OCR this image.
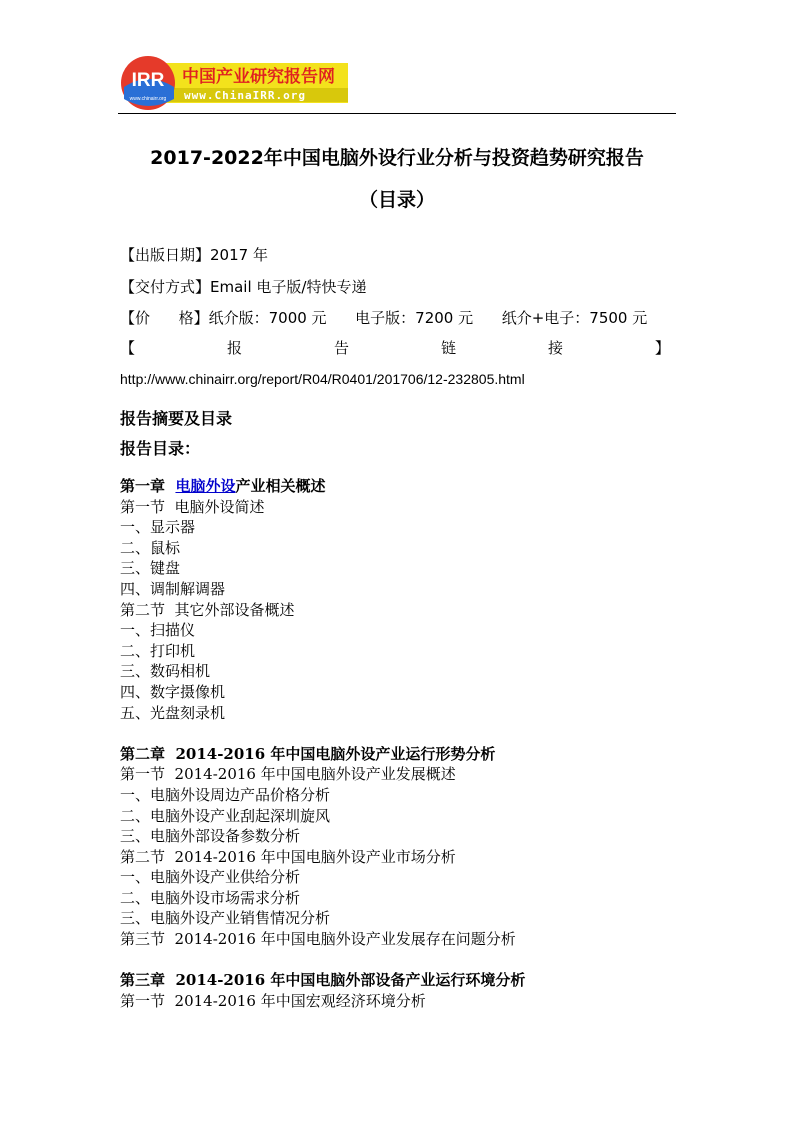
IRR
www.chinairr.org
中国产业研究报告网
www.ChinaIRR.org
2017-2022年中国电脑外设行业分析与投资趋势研究报告
（目录）
【出版日期】2017 年
【交付方式】Email 电子版/特快专递
【价      格】纸介版：7000 元      电子版：7200 元      纸介+电子：7500 元
【	报	告	链	接	】
http://www.chinairr.org/report/R04/R0401/201706/12-232805.html
报告摘要及目录
报告目录：
第一章  电脑外设产业相关概述
第一节  电脑外设简述
一、显示器
二、鼠标
三、键盘
四、调制解调器
第二节  其它外部设备概述
一、扫描仪
二、打印机
三、数码相机
四、数字摄像机
五、光盘刻录机
第二章  2014-2016 年中国电脑外设产业运行形势分析
第一节  2014-2016 年中国电脑外设产业发展概述
一、电脑外设周边产品价格分析
二、电脑外设产业刮起深圳旋风
三、电脑外部设备参数分析
第二节  2014-2016 年中国电脑外设产业市场分析
一、电脑外设产业供给分析
二、电脑外设市场需求分析
三、电脑外设产业销售情况分析
第三节  2014-2016 年中国电脑外设产业发展存在问题分析
第三章  2014-2016 年中国电脑外部设备产业运行环境分析
第一节  2014-2016 年中国宏观经济环境分析
